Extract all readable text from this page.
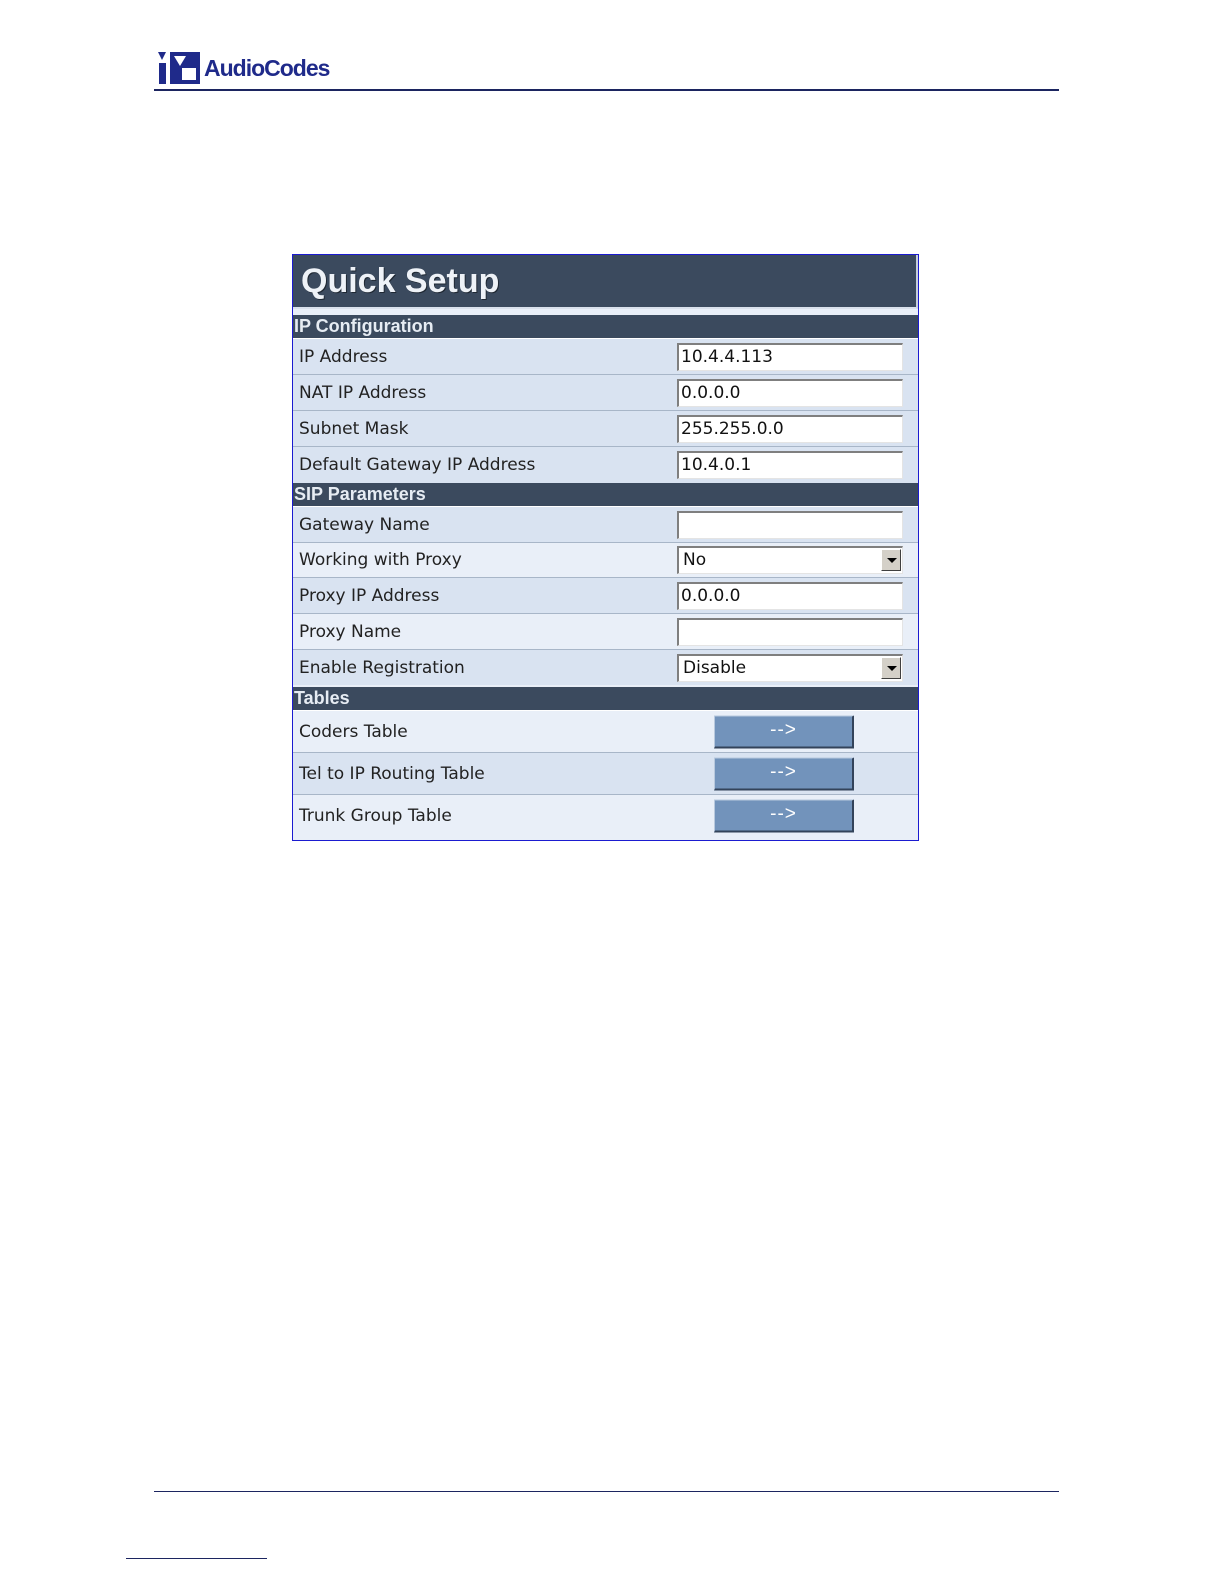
AudioCodes
Quick Setup
IP Configuration
IP Address	10.4.4.113
NAT IP Address	0.0.0.0
Subnet Mask	255.255.0.0
Default Gateway IP Address	10.4.0.1
SIP Parameters
Gateway Name
Working with Proxy	No
Proxy IP Address	0.0.0.0
Proxy Name
Enable Registration	Disable
Tables
Coders Table	-->
Tel to IP Routing Table	-->
Trunk Group Table	-->
